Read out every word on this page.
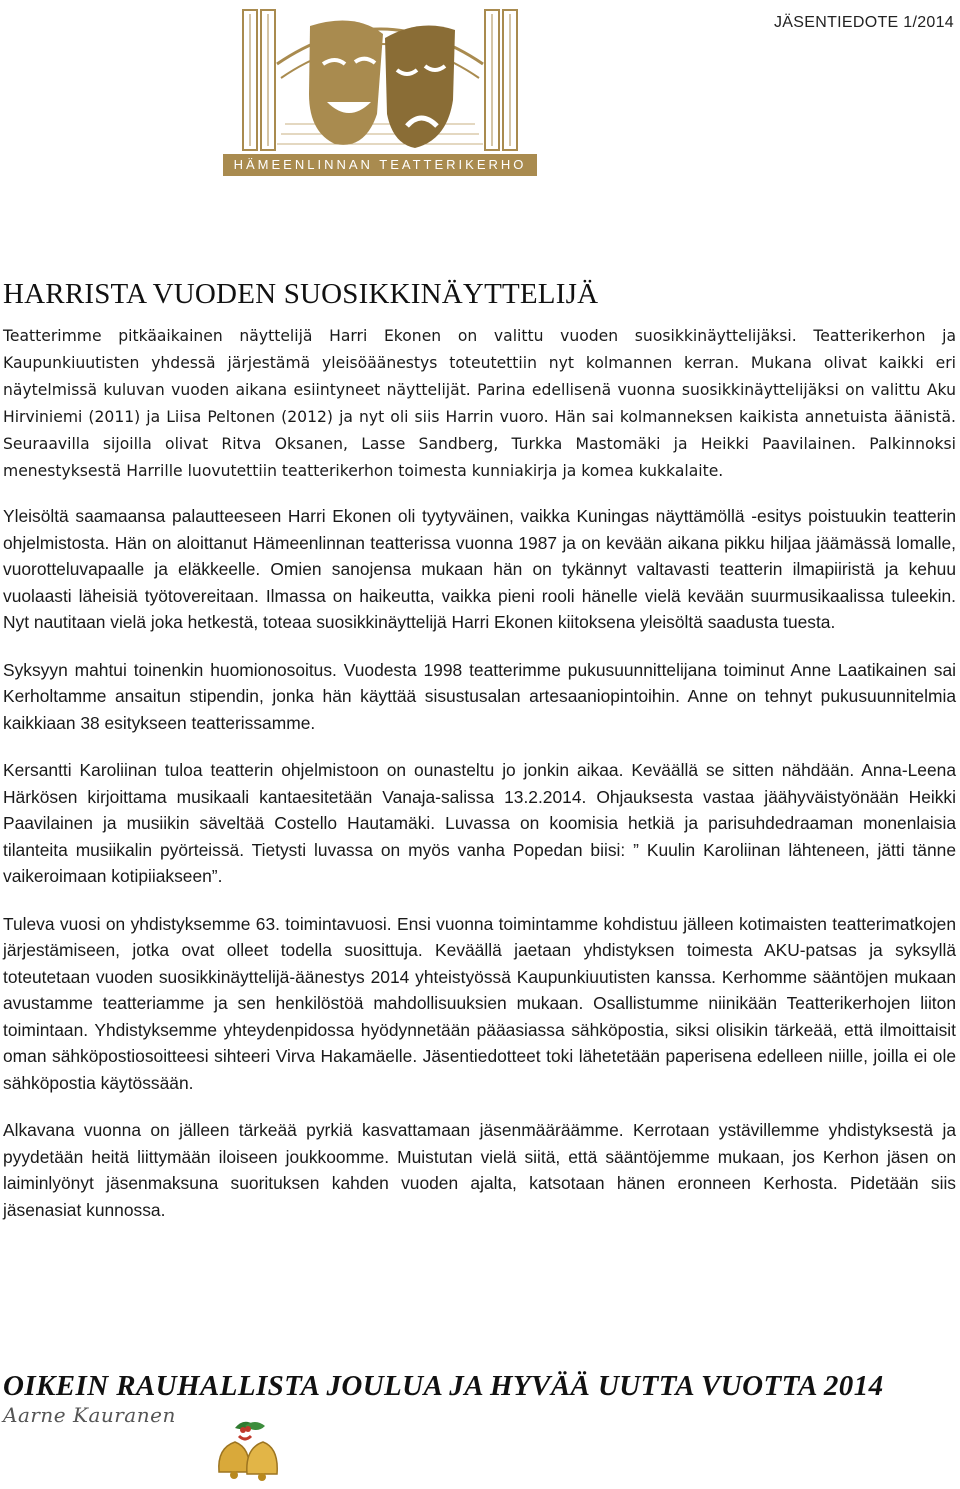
JÄSENTIEDOTE 1/2014
HÄMEENLINNAN TEATTERIKERHO RY
HARRISTA VUODEN SUOSIKKINÄYTTELIJÄ

Teatterimme pitkäaikainen näyttelijä Harri Ekonen on valittu vuoden suosikkinäyttelijäksi. Teatterikerhon ja Kaupunkiuutisten yhdessä järjestämä yleisöäänestys toteutettiin nyt kolmannen kerran. Mukana olivat kaikki eri näytelmissä kuluvan vuoden aikana esiintyneet näyttelijät. Parina edellisenä vuonna suosikkinäyttelijäksi on valittu Aku Hirviniemi (2011) ja Liisa Peltonen (2012) ja nyt oli siis Harrin vuoro. Hän sai kolmanneksen kaikista annetuista äänistä. Seuraavilla sijoilla olivat Ritva Oksanen, Lasse Sandberg, Turkka Mastomäki ja Heikki Paavilainen. Palkinnoksi menestyksestä Harrille luovutettiin teatterikerhon toimesta kunniakirja ja komea kukkalaite.

Yleisöltä saamaansa palautteeseen Harri Ekonen oli tyytyväinen, vaikka Kuningas näyttämöllä -esitys poistuukin teatterin ohjelmistosta. Hän on aloittanut Hämeenlinnan teatterissa vuonna 1987 ja on kevään aikana pikku hiljaa jäämässä lomalle, vuorotteluvapaalle ja eläkkeelle. Omien sanojensa mukaan hän on tykännyt valtavasti teatterin ilmapiiristä ja kehuu vuolaasti läheisiä työtovereitaan. Ilmassa on haikeutta, vaikka pieni rooli hänelle vielä kevään suurmusikaalissa tuleekin. Nyt nautitaan vielä joka hetkestä, toteaa suosikkinäyttelijä Harri Ekonen kiitoksena yleisöltä saadusta tuesta.

Syksyyn mahtui toinenkin huomionosoitus. Vuodesta 1998 teatterimme pukusuunnittelijana toiminut Anne Laatikainen sai Kerholtamme ansaitun stipendin, jonka hän käyttää sisustusalan artesaaniopintoihin. Anne on tehnyt pukusuunnitelmia kaikkiaan 38 esitykseen teatterissamme.

Kersantti Karoliinan tuloa teatterin ohjelmistoon on ounasteltu jo jonkin aikaa. Keväällä se sitten nähdään. Anna-Leena Härkösen kirjoittama musikaali kantaesitetään Vanaja-salissa 13.2.2014. Ohjauksesta vastaa jäähyväistyönään Heikki Paavilainen ja musiikin säveltää Costello Hautamäki. Luvassa on koomisia hetkiä ja parisuhdedraaman monenlaisia tilanteita musiikalin pyörteissä. Tietysti luvassa on myös vanha Popedan biisi: ” Kuulin Karoliinan lähteneen, jätti tänne vaikeroimaan kotipiiakseen”.

Tuleva vuosi on yhdistyksemme 63. toimintavuosi. Ensi vuonna toimintamme kohdistuu jälleen kotimaisten teatterimatkojen järjestämiseen, jotka ovat olleet todella suosittuja. Keväällä jaetaan yhdistyksen toimesta AKU-patsas ja syksyllä toteutetaan vuoden suosikkinäyttelijä-äänestys 2014 yhteistyössä Kaupunkiuutisten kanssa. Kerhomme sääntöjen mukaan avustamme teatteriamme ja sen henkilöstöä mahdollisuuksien mukaan. Osallistumme niinikään Teatterikerhojen liiton toimintaan. Yhdistyksemme yhteydenpidossa hyödynnetään pääasiassa sähköpostia, siksi olisikin tärkeää, että ilmoittaisit oman sähköpostiosoitteesi sihteeri Virva Hakamäelle. Jäsentiedotteet toki lähetetään paperisena edelleen niille, joilla ei ole sähköpostia käytössään.

Alkavana vuonna on jälleen tärkeää pyrkiä kasvattamaan jäsenmääräämme. Kerrotaan ystävillemme yhdistyksestä ja pyydetään heitä liittymään iloiseen joukkoomme. Muistutan vielä siitä, että sääntöjemme mukaan, jos Kerhon jäsen on laiminlyönyt jäsenmaksuna suorituksen kahden vuoden ajalta, katsotaan hänen eronneen Kerhosta. Pidetään siis jäsenasiat kunnossa.

OIKEIN RAUHALLISTA JOULUA JA HYVÄÄ UUTTA VUOTTA 2014
Aarne Kauranen
